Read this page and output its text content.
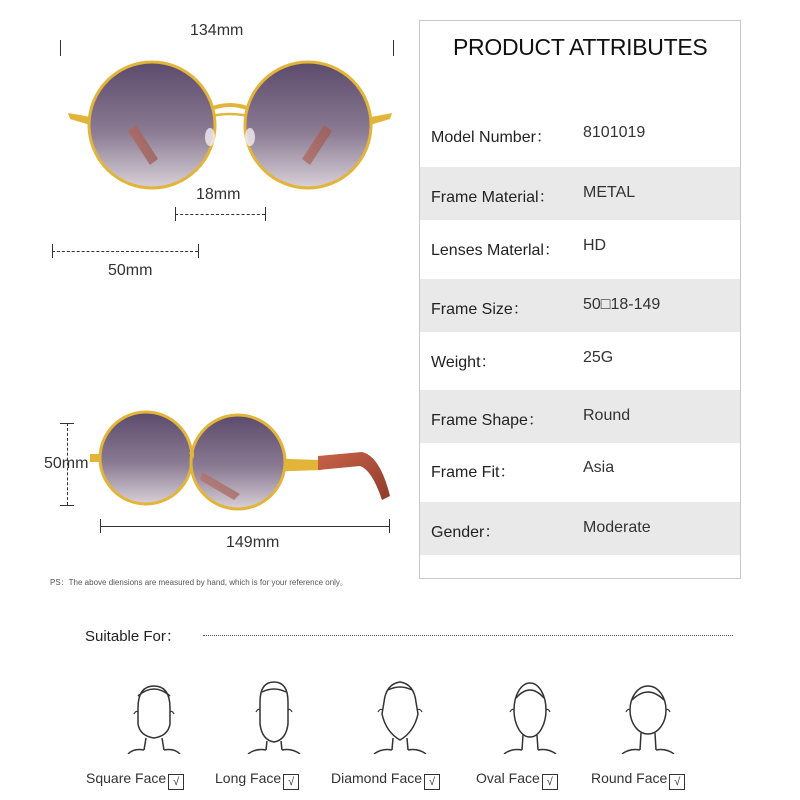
134mm
18mm
50mm
50mm
149mm
PS：The above diensions are measured by hand, which is for your reference only。
PRODUCT ATTRIBUTES
Model Number： 8101019
Frame Material： METAL
Lenses Materlal： HD
Frame Size：	50□18-149
Weight：	25G
Frame Shape： Round
Frame Fit：	Asia
Gender：	Moderate
Suitable For：
Square Face √	Long Face √	Diamond Face √	Oval Face √	Round Face √
